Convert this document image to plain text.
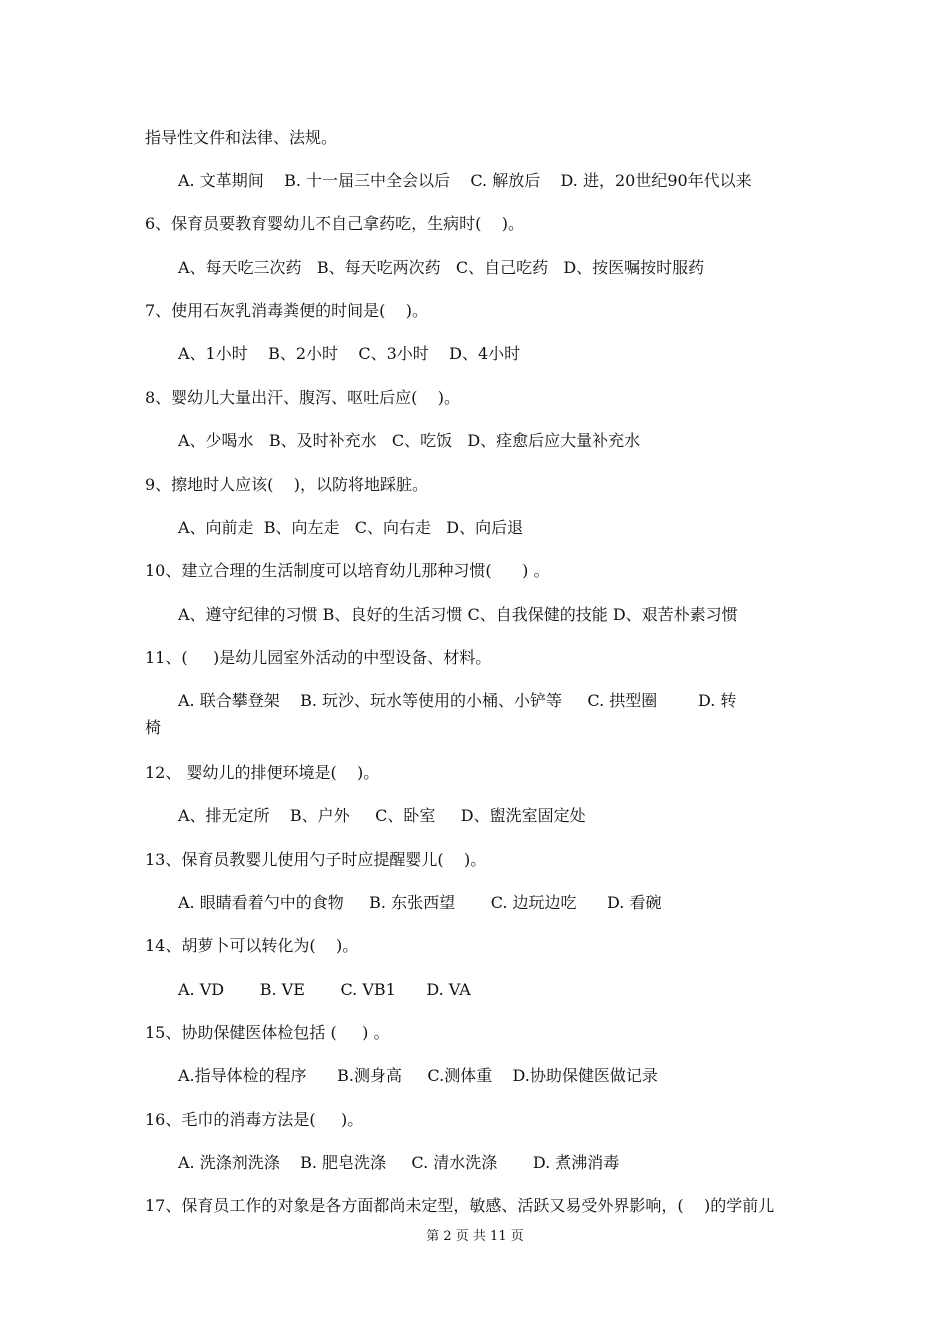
指导性文件和法律、法规。
A. 文革期间    B. 十一届三中全会以后    C. 解放后    D. 进，20世纪90年代以来
6、保育员要教育婴幼儿不自己拿药吃，生病时(    )。
A、每天吃三次药   B、每天吃两次药   C、自己吃药   D、按医嘱按时服药
7、使用石灰乳消毒粪便的时间是(    )。
A、1小时    B、2小时    C、3小时    D、4小时
8、婴幼儿大量出汗、腹泻、呕吐后应(    )。
A、少喝水   B、及时补充水   C、吃饭   D、痊愈后应大量补充水
9、擦地时人应该(    )，以防将地踩脏。
A、向前走  B、向左走   C、向右走   D、向后退
10、建立合理的生活制度可以培育幼儿那种习惯(      ) 。
A、遵守纪律的习惯 B、良好的生活习惯 C、自我保健的技能 D、艰苦朴素习惯
11、(     )是幼儿园室外活动的中型设备、材料。
A. 联合攀登架    B. 玩沙、玩水等使用的小桶、小铲等     C. 拱型圈        D. 转
椅
12、 婴幼儿的排便环境是(    )。
A、排无定所    B、户外     C、卧室     D、盥洗室固定处
13、保育员教婴儿使用勺子时应提醒婴儿(    )。
A. 眼睛看着勺中的食物     B. 东张西望       C. 边玩边吃      D. 看碗
14、胡萝卜可以转化为(    )。
A. VD       B. VE       C. VB1      D. VA
15、协助保健医体检包括 (     ) 。
A.指导体检的程序      B.测身高     C.测体重    D.协助保健医做记录
16、毛巾的消毒方法是(     )。
A. 洗涤剂洗涤    B. 肥皂洗涤     C. 清水洗涤       D. 煮沸消毒
17、保育员工作的对象是各方面都尚未定型，敏感、活跃又易受外界影响，(    )的学前儿
第 2 页 共 11 页
